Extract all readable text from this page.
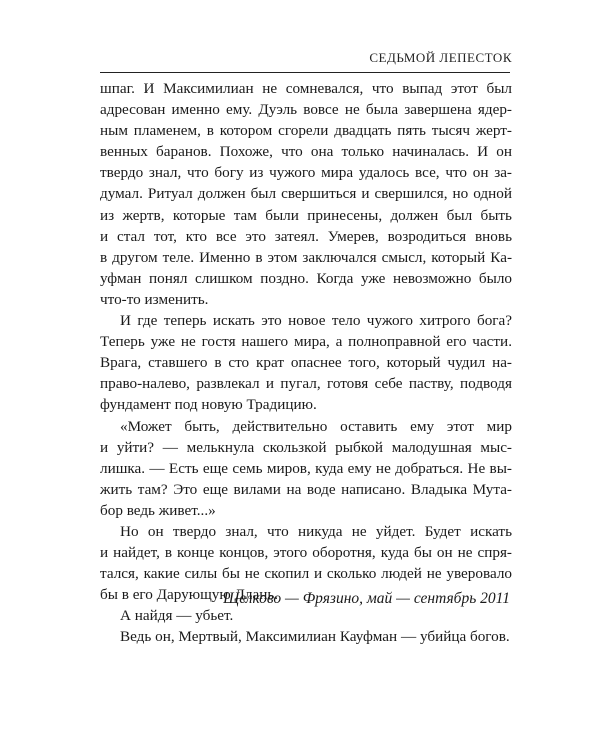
СЕДЬМОЙ ЛЕПЕСТОК
шпаг. И Максимилиан не сомневался, что выпад этот был
адресован именно ему. Дуэль вовсе не была завершена ядер-
ным пламенем, в котором сгорели двадцать пять тысяч жерт-
венных баранов. Похоже, что она только начиналась. И он
твердо знал, что богу из чужого мира удалось все, что он за-
думал. Ритуал должен был свершиться и свершился, но одной
из жертв, которые там были принесены, должен был быть
и стал тот, кто все это затеял. Умерев, возродиться вновь
в другом теле. Именно в этом заключался смысл, который Ка-
уфман понял слишком поздно. Когда уже невозможно было
что-то изменить.
И где теперь искать это новое тело чужого хитрого бога?
Теперь уже не гостя нашего мира, а полноправной его части.
Врага, ставшего в сто крат опаснее того, который чудил на-
право-налево, развлекал и пугал, готовя себе паству, подводя
фундамент под новую Традицию.
«Может быть, действительно оставить ему этот мир
и уйти? — мелькнула скользкой рыбкой малодушная мыс-
лишка. — Есть еще семь миров, куда ему не добраться. Не вы-
жить там? Это еще вилами на воде написано. Владыка Мута-
бор ведь живет...»
Но он твердо знал, что никуда не уйдет. Будет искать
и найдет, в конце концов, этого оборотня, куда бы он не спря-
тался, какие силы бы не скопил и сколько людей не уверовало
бы в его Дарующую Длань.
А найдя — убьет.
Ведь он, Мертвый, Максимилиан Кауфман — убийца богов.
Щелково — Фрязино, май — сентябрь 2011
